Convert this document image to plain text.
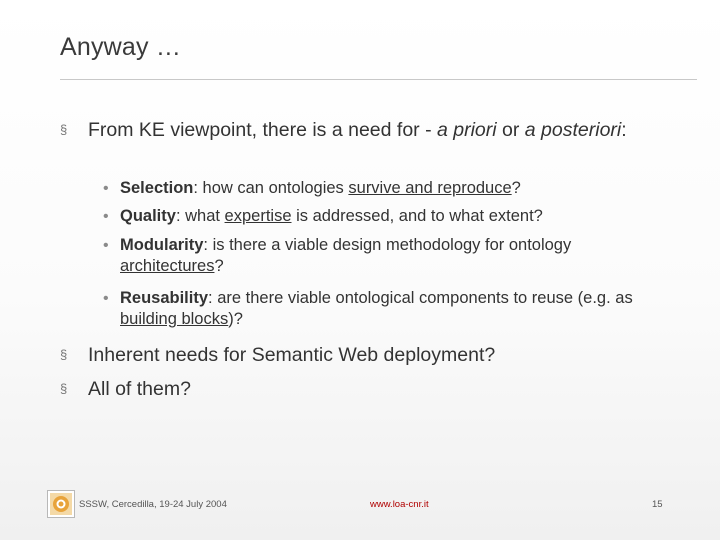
Anyway …
§	From KE viewpoint, there is a need for - a priori or a posteriori:
• Selection: how can ontologies survive and reproduce?
• Quality: what expertise is addressed, and to what extent?
• Modularity: is there a viable design methodology for ontology architectures?
• Reusability: are there viable ontological components to reuse (e.g. as building blocks)?
§	Inherent needs for Semantic Web deployment?
§	All of them?
SSSW, Cercedilla, 19-24 July 2004	www.loa-cnr.it	15
